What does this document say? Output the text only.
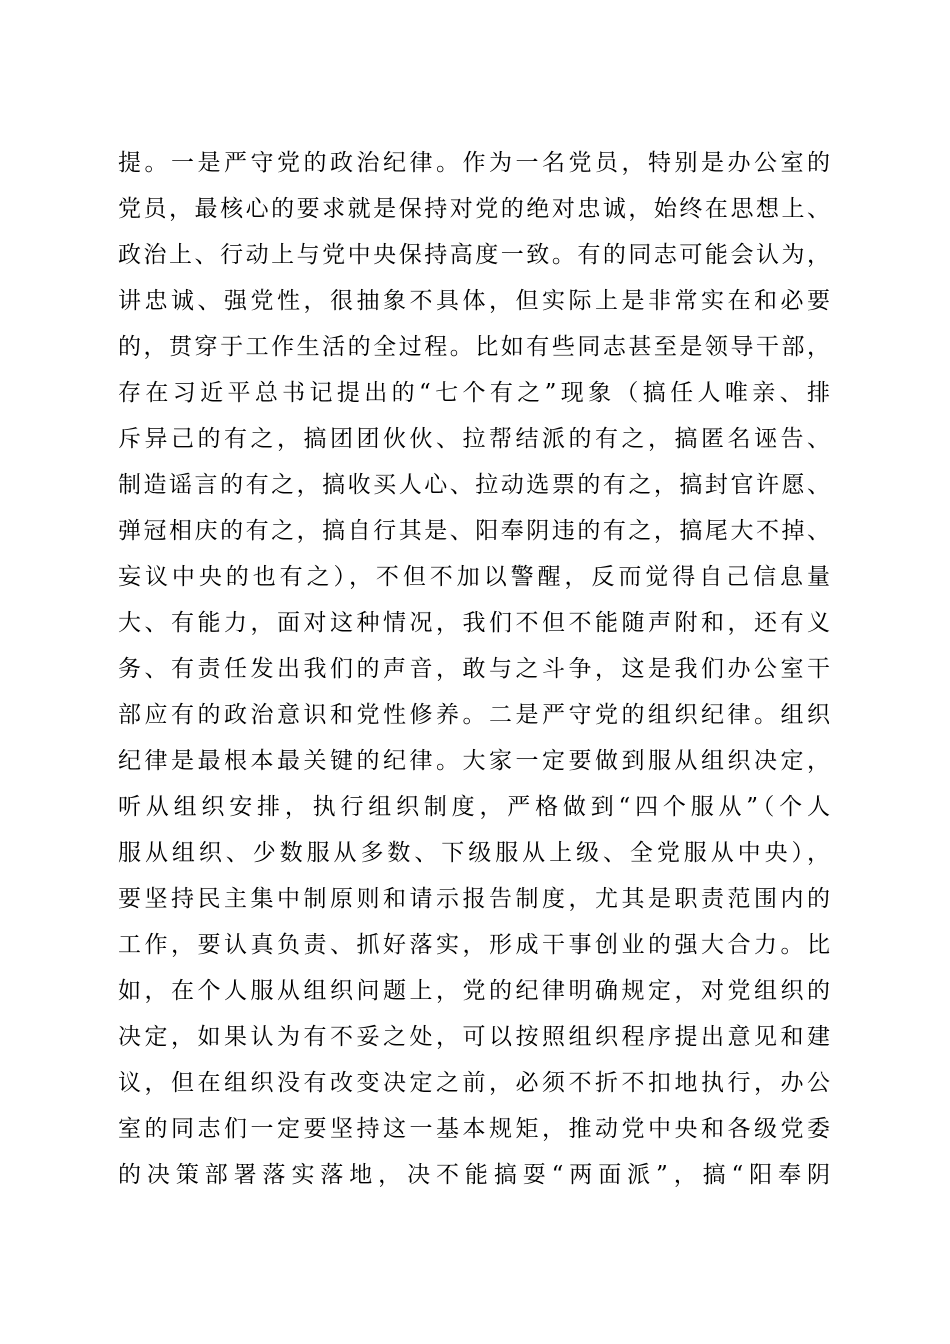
提。一是严守党的政治纪律。作为一名党员，特别是办公室的
党员，最核心的要求就是保持对党的绝对忠诚，始终在思想上、
政治上、行动上与党中央保持高度一致。有的同志可能会认为，
讲忠诚、强党性，很抽象不具体，但实际上是非常实在和必要
的，贯穿于工作生活的全过程。比如有些同志甚至是领导干部，
存在习近平总书记提出的“七个有之”现象（搞任人唯亲、排
斥异己的有之，搞团团伙伙、拉帮结派的有之，搞匿名诬告、
制造谣言的有之，搞收买人心、拉动选票的有之，搞封官许愿、
弹冠相庆的有之，搞自行其是、阳奉阴违的有之，搞尾大不掉、
妄议中央的也有之），不但不加以警醒，反而觉得自己信息量
大、有能力，面对这种情况，我们不但不能随声附和，还有义
务、有责任发出我们的声音，敢与之斗争，这是我们办公室干
部应有的政治意识和党性修养。二是严守党的组织纪律。组织
纪律是最根本最关键的纪律。大家一定要做到服从组织决定，
听从组织安排，执行组织制度，严格做到“四个服从”（个人
服从组织、少数服从多数、下级服从上级、全党服从中央），
要坚持民主集中制原则和请示报告制度，尤其是职责范围内的
工作，要认真负责、抓好落实，形成干事创业的强大合力。比
如，在个人服从组织问题上，党的纪律明确规定，对党组织的
决定，如果认为有不妥之处，可以按照组织程序提出意见和建
议，但在组织没有改变决定之前，必须不折不扣地执行，办公
室的同志们一定要坚持这一基本规矩，推动党中央和各级党委
的决策部署落实落地，决不能搞耍“两面派”，搞“阳奉阴
